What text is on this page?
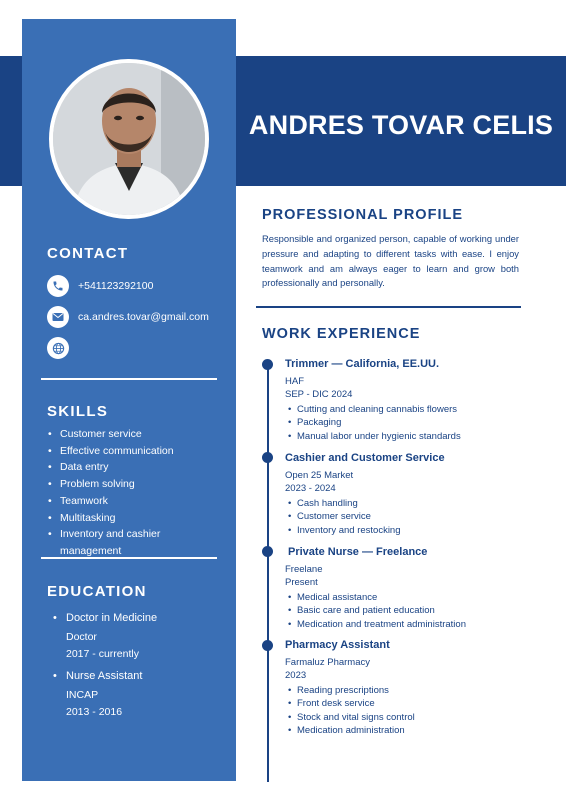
ANDRES TOVAR CELIS
CONTACT
+541123292100
ca.andres.tovar@gmail.com
SKILLS
• Customer service
• Effective communication
• Data entry
• Problem solving
• Teamwork
• Multitasking
• Inventory and cashier management
EDUCATION
• Doctor in Medicine
Doctor
2017 - currently
• Nurse Assistant
INCAP
2013 - 2016
PROFESSIONAL PROFILE
Responsible and organized person, capable of working under pressure and adapting to different tasks with ease. I enjoy teamwork and am always eager to learn and grow both professionally and personally.
WORK EXPERIENCE
Trimmer — California, EE.UU.
HAF
SEP - DIC 2024
• Cutting and cleaning cannabis flowers
• Packaging
• Manual labor under hygienic standards
Cashier and Customer Service
Open 25 Market
2023 - 2024
• Cash handling
• Customer service
• Inventory and restocking
Private Nurse — Freelance
Freelane
Present
• Medical assistance
• Basic care and patient education
• Medication and treatment administration
Pharmacy Assistant
Farmaluz Pharmacy
2023
• Reading prescriptions
• Front desk service
• Stock and vital signs control
• Medication administration
